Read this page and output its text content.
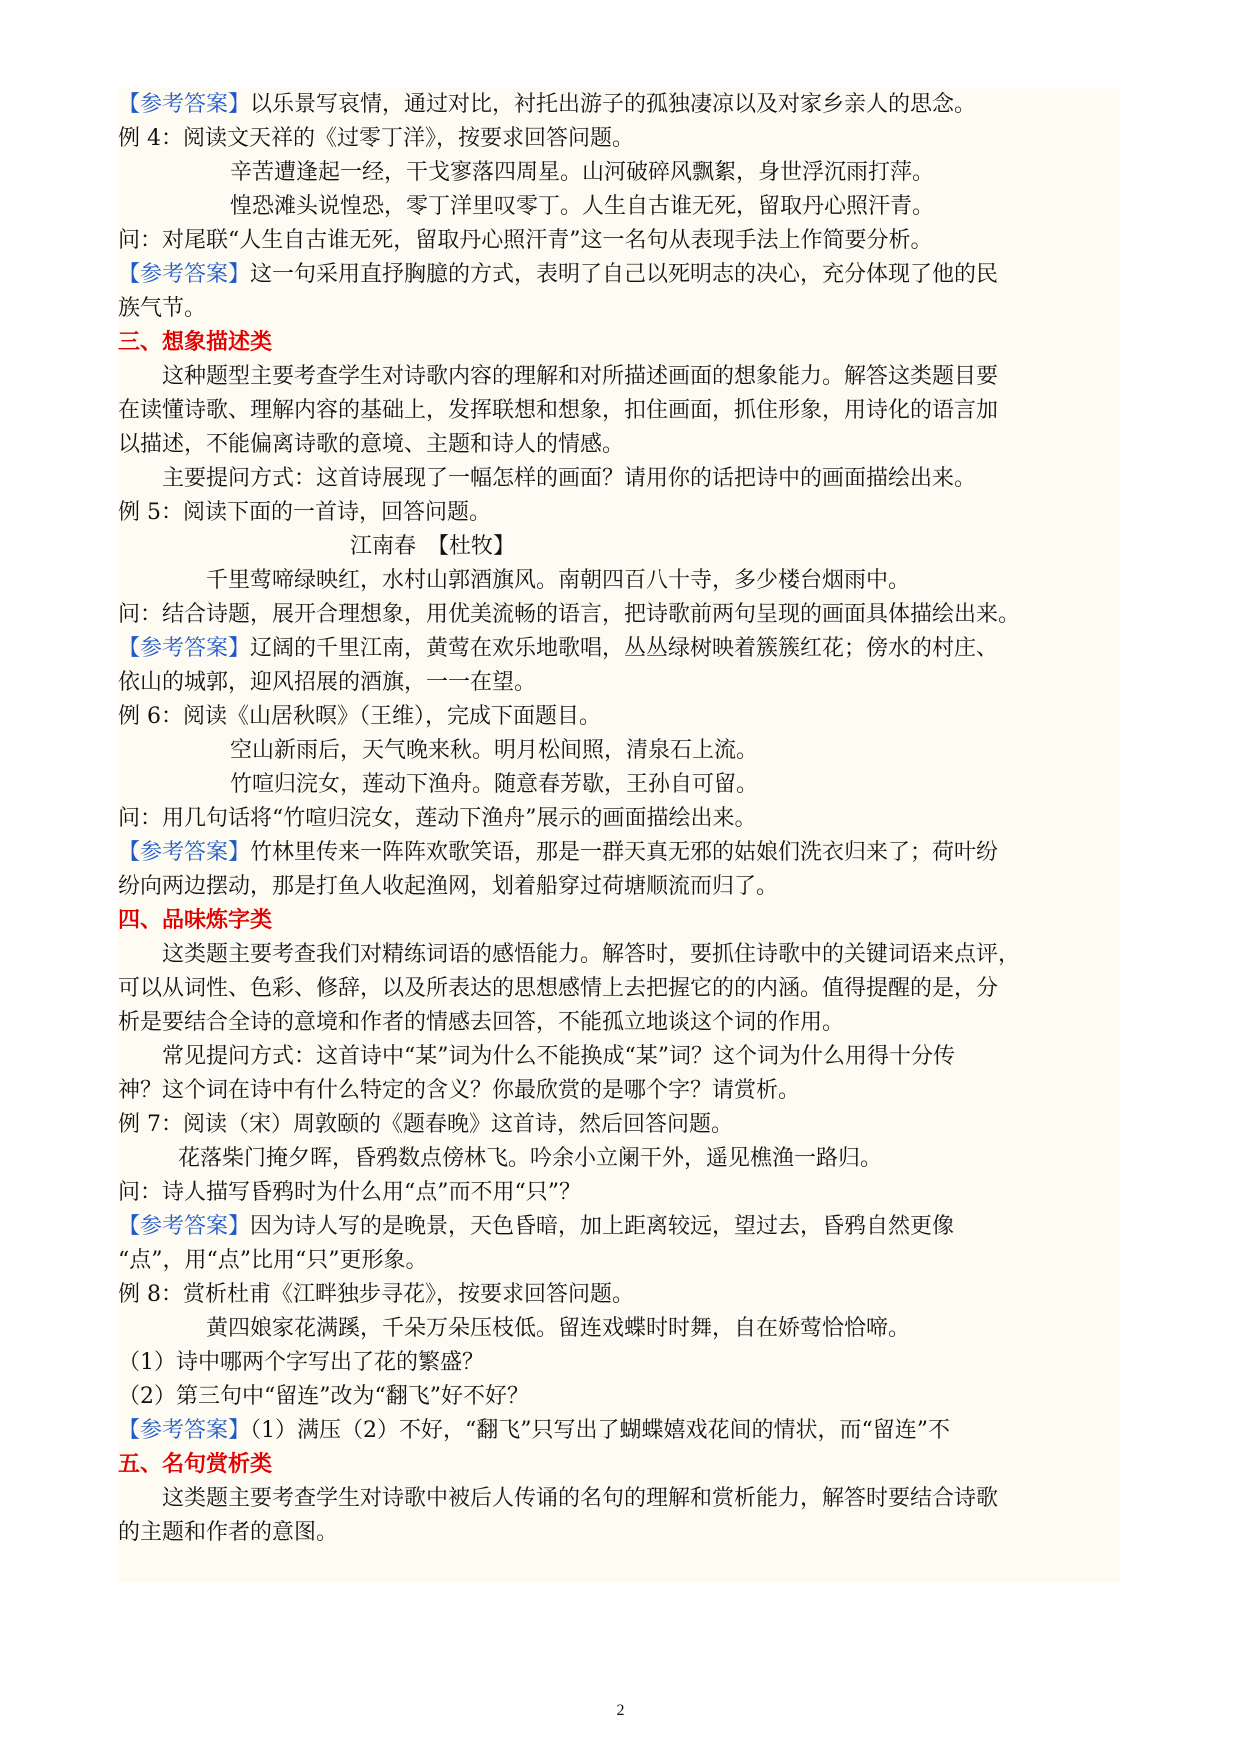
【参考答案】以乐景写哀情，通过对比，衬托出游子的孤独凄凉以及对家乡亲人的思念。

例 4：阅读文天祥的《过零丁洋》，按要求回答问题。

辛苦遭逢起一经，干戈寥落四周星。山河破碎风飘絮，身世浮沉雨打萍。

惶恐滩头说惶恐，零丁洋里叹零丁。人生自古谁无死，留取丹心照汗青。

问：对尾联“人生自古谁无死，留取丹心照汗青”这一名句从表现手法上作简要分析。

【参考答案】这一句采用直抒胸臆的方式，表明了自己以死明志的决心，充分体现了他的民

族气节。

三、想象描述类

这种题型主要考查学生对诗歌内容的理解和对所描述画面的想象能力。解答这类题目要

在读懂诗歌、理解内容的基础上，发挥联想和想象，扣住画面，抓住形象，用诗化的语言加

以描述，不能偏离诗歌的意境、主题和诗人的情感。

主要提问方式：这首诗展现了一幅怎样的画面？请用你的话把诗中的画面描绘出来。

例 5：阅读下面的一首诗，回答问题。

江南春　【杜牧】

千里莺啼绿映红，水村山郭酒旗风。南朝四百八十寺，多少楼台烟雨中。

问：结合诗题，展开合理想象，用优美流畅的语言，把诗歌前两句呈现的画面具体描绘出来。

【参考答案】辽阔的千里江南，黄莺在欢乐地歌唱，丛丛绿树映着簇簇红花；傍水的村庄、

依山的城郭，迎风招展的酒旗，一一在望。

例 6：阅读《山居秋暝》（王维），完成下面题目。

空山新雨后，天气晚来秋。明月松间照，清泉石上流。

竹喧归浣女，莲动下渔舟。随意春芳歇，王孙自可留。

问：用几句话将“竹喧归浣女，莲动下渔舟”展示的画面描绘出来。

【参考答案】竹林里传来一阵阵欢歌笑语，那是一群天真无邪的姑娘们洗衣归来了；荷叶纷

纷向两边摆动，那是打鱼人收起渔网，划着船穿过荷塘顺流而归了。

四、品味炼字类

这类题主要考查我们对精练词语的感悟能力。解答时，要抓住诗歌中的关键词语来点评，

可以从词性、色彩、修辞，以及所表达的思想感情上去把握它的的内涵。值得提醒的是，分

析是要结合全诗的意境和作者的情感去回答，不能孤立地谈这个词的作用。

常见提问方式：这首诗中“某”词为什么不能换成“某”词？这个词为什么用得十分传

神？这个词在诗中有什么特定的含义？你最欣赏的是哪个字？请赏析。

例 7：阅读（宋）周敦颐的《题春晚》这首诗，然后回答问题。

花落柴门掩夕晖，昏鸦数点傍林飞。吟余小立阑干外，遥见樵渔一路归。

问：诗人描写昏鸦时为什么用“点”而不用“只”？

【参考答案】因为诗人写的是晚景，天色昏暗，加上距离较远，望过去，昏鸦自然更像

“点”，用“点”比用“只”更形象。

例 8：赏析杜甫《江畔独步寻花》，按要求回答问题。

黄四娘家花满蹊，千朵万朵压枝低。留连戏蝶时时舞，自在娇莺恰恰啼。

（1）诗中哪两个字写出了花的繁盛？

（2）第三句中“留连”改为“翻飞”好不好？

【参考答案】（1）满压（2）不好，“翻飞”只写出了蝴蝶嬉戏花间的情状，而“留连”不

五、名句赏析类

这类题主要考查学生对诗歌中被后人传诵的名句的理解和赏析能力，解答时要结合诗歌

的主题和作者的意图。

2
